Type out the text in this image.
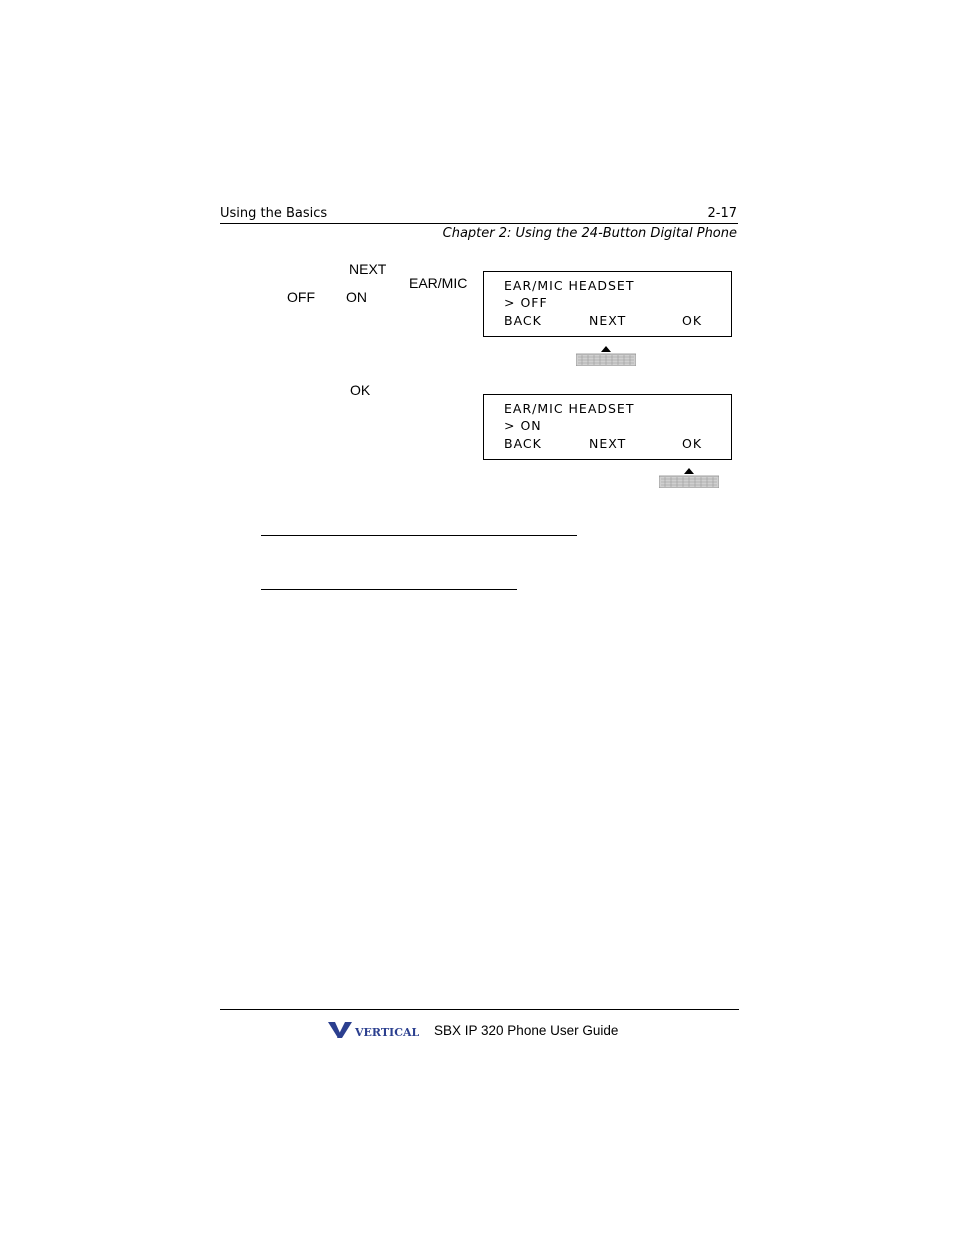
Using the Basics	2-17
Chapter 2: Using the 24-Button Digital Phone
NEXT
EAR/MIC
OFF ON
OK
EAR/MIC HEADSET
> OFF
BACK	NEXT	OK
EAR/MIC HEADSET
> ON
BACK	NEXT	OK
VERTICAL SBX IP 320 Phone User Guide
